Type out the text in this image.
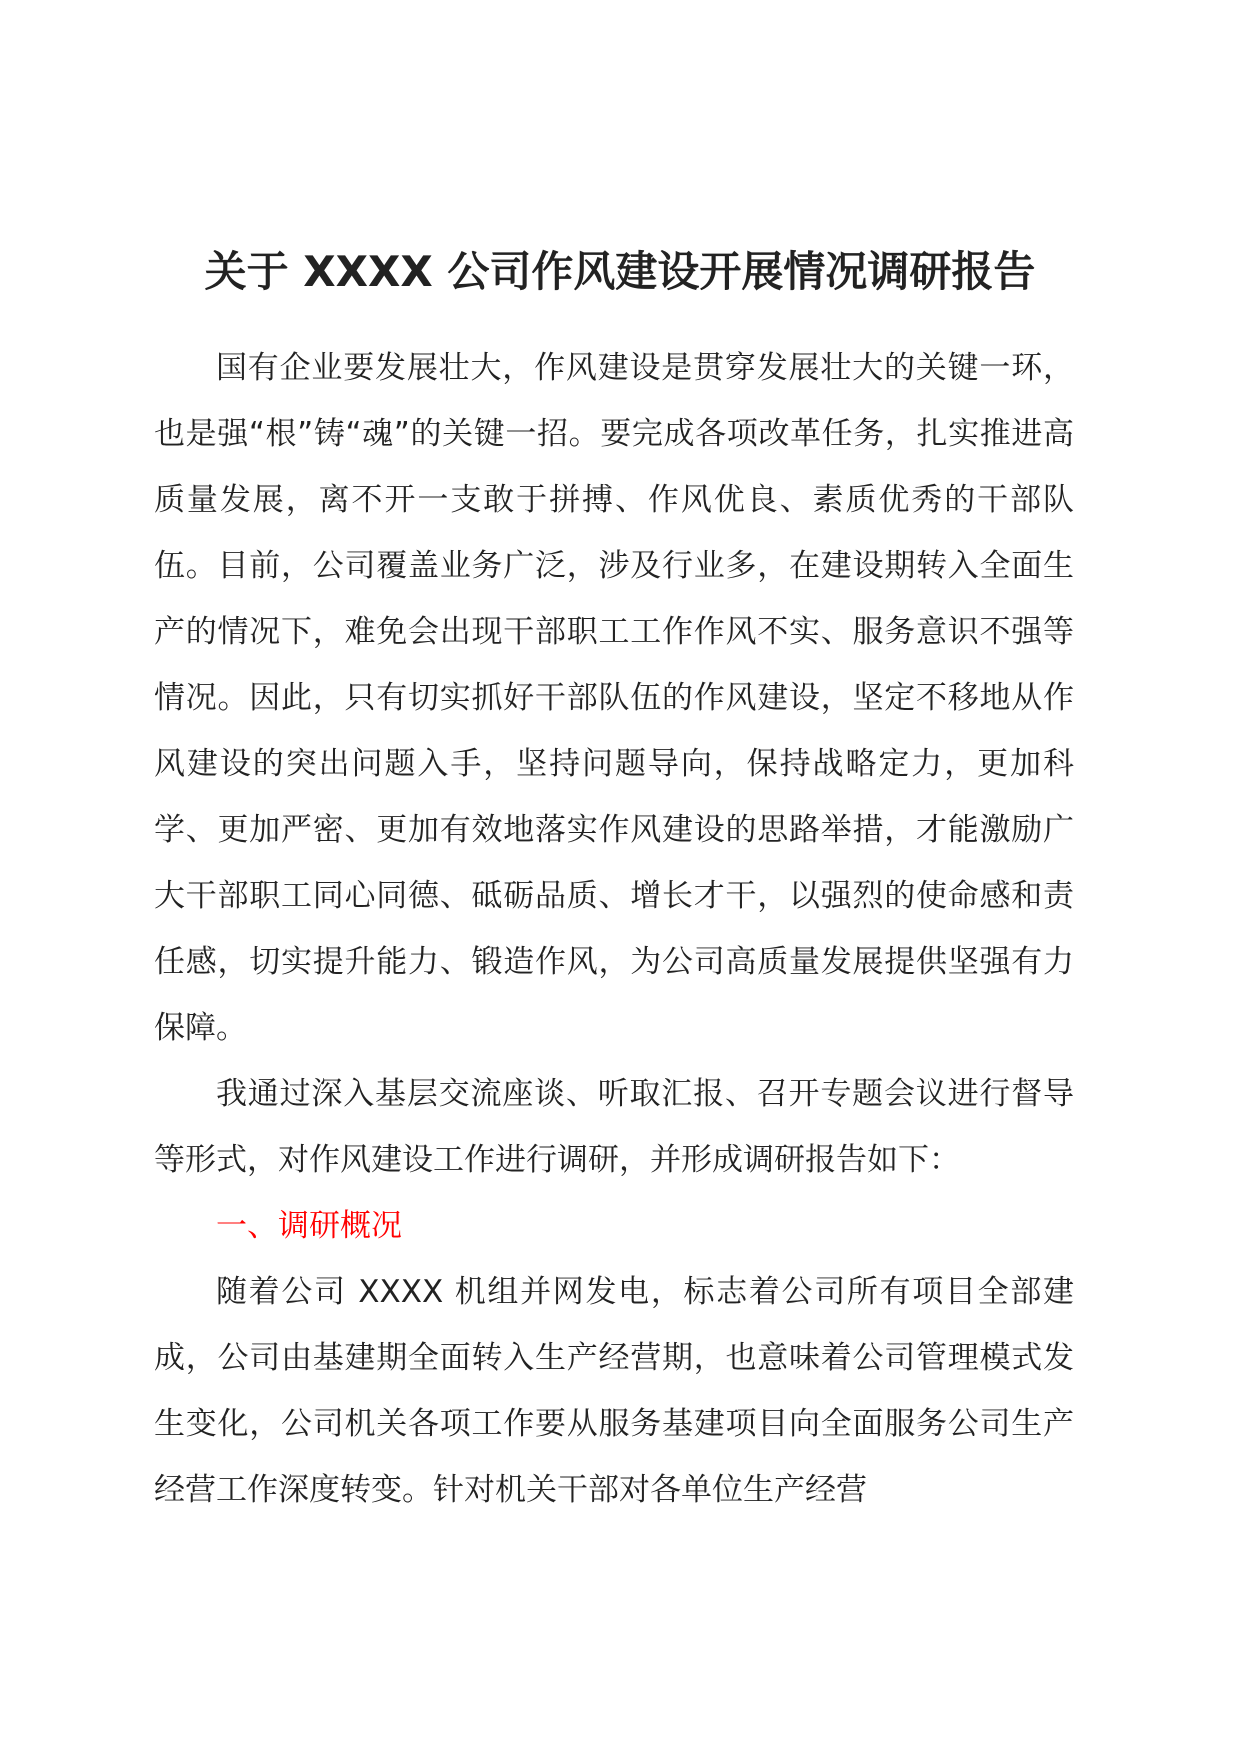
关于 XXXX 公司作风建设开展情况调研报告

国有企业要发展壮大，作风建设是贯穿发展壮大的关键一环，也是强“根”铸“魂”的关键一招。要完成各项改革任务，扎实推进高质量发展，离不开一支敢于拼搏、作风优良、素质优秀的干部队伍。目前，公司覆盖业务广泛，涉及行业多，在建设期转入全面生产的情况下，难免会出现干部职工工作作风不实、服务意识不强等情况。因此，只有切实抓好干部队伍的作风建设，坚定不移地从作风建设的突出问题入手，坚持问题导向，保持战略定力，更加科学、更加严密、更加有效地落实作风建设的思路举措，才能激励广大干部职工同心同德、砥砺品质、增长才干，以强烈的使命感和责任感，切实提升能力、锻造作风，为公司高质量发展提供坚强有力保障。

我通过深入基层交流座谈、听取汇报、召开专题会议进行督导等形式，对作风建设工作进行调研，并形成调研报告如下：

一、调研概况

随着公司 XXXX 机组并网发电，标志着公司所有项目全部建成，公司由基建期全面转入生产经营期，也意味着公司管理模式发生变化，公司机关各项工作要从服务基建项目向全面服务公司生产经营工作深度转变。针对机关干部对各单位生产经营
